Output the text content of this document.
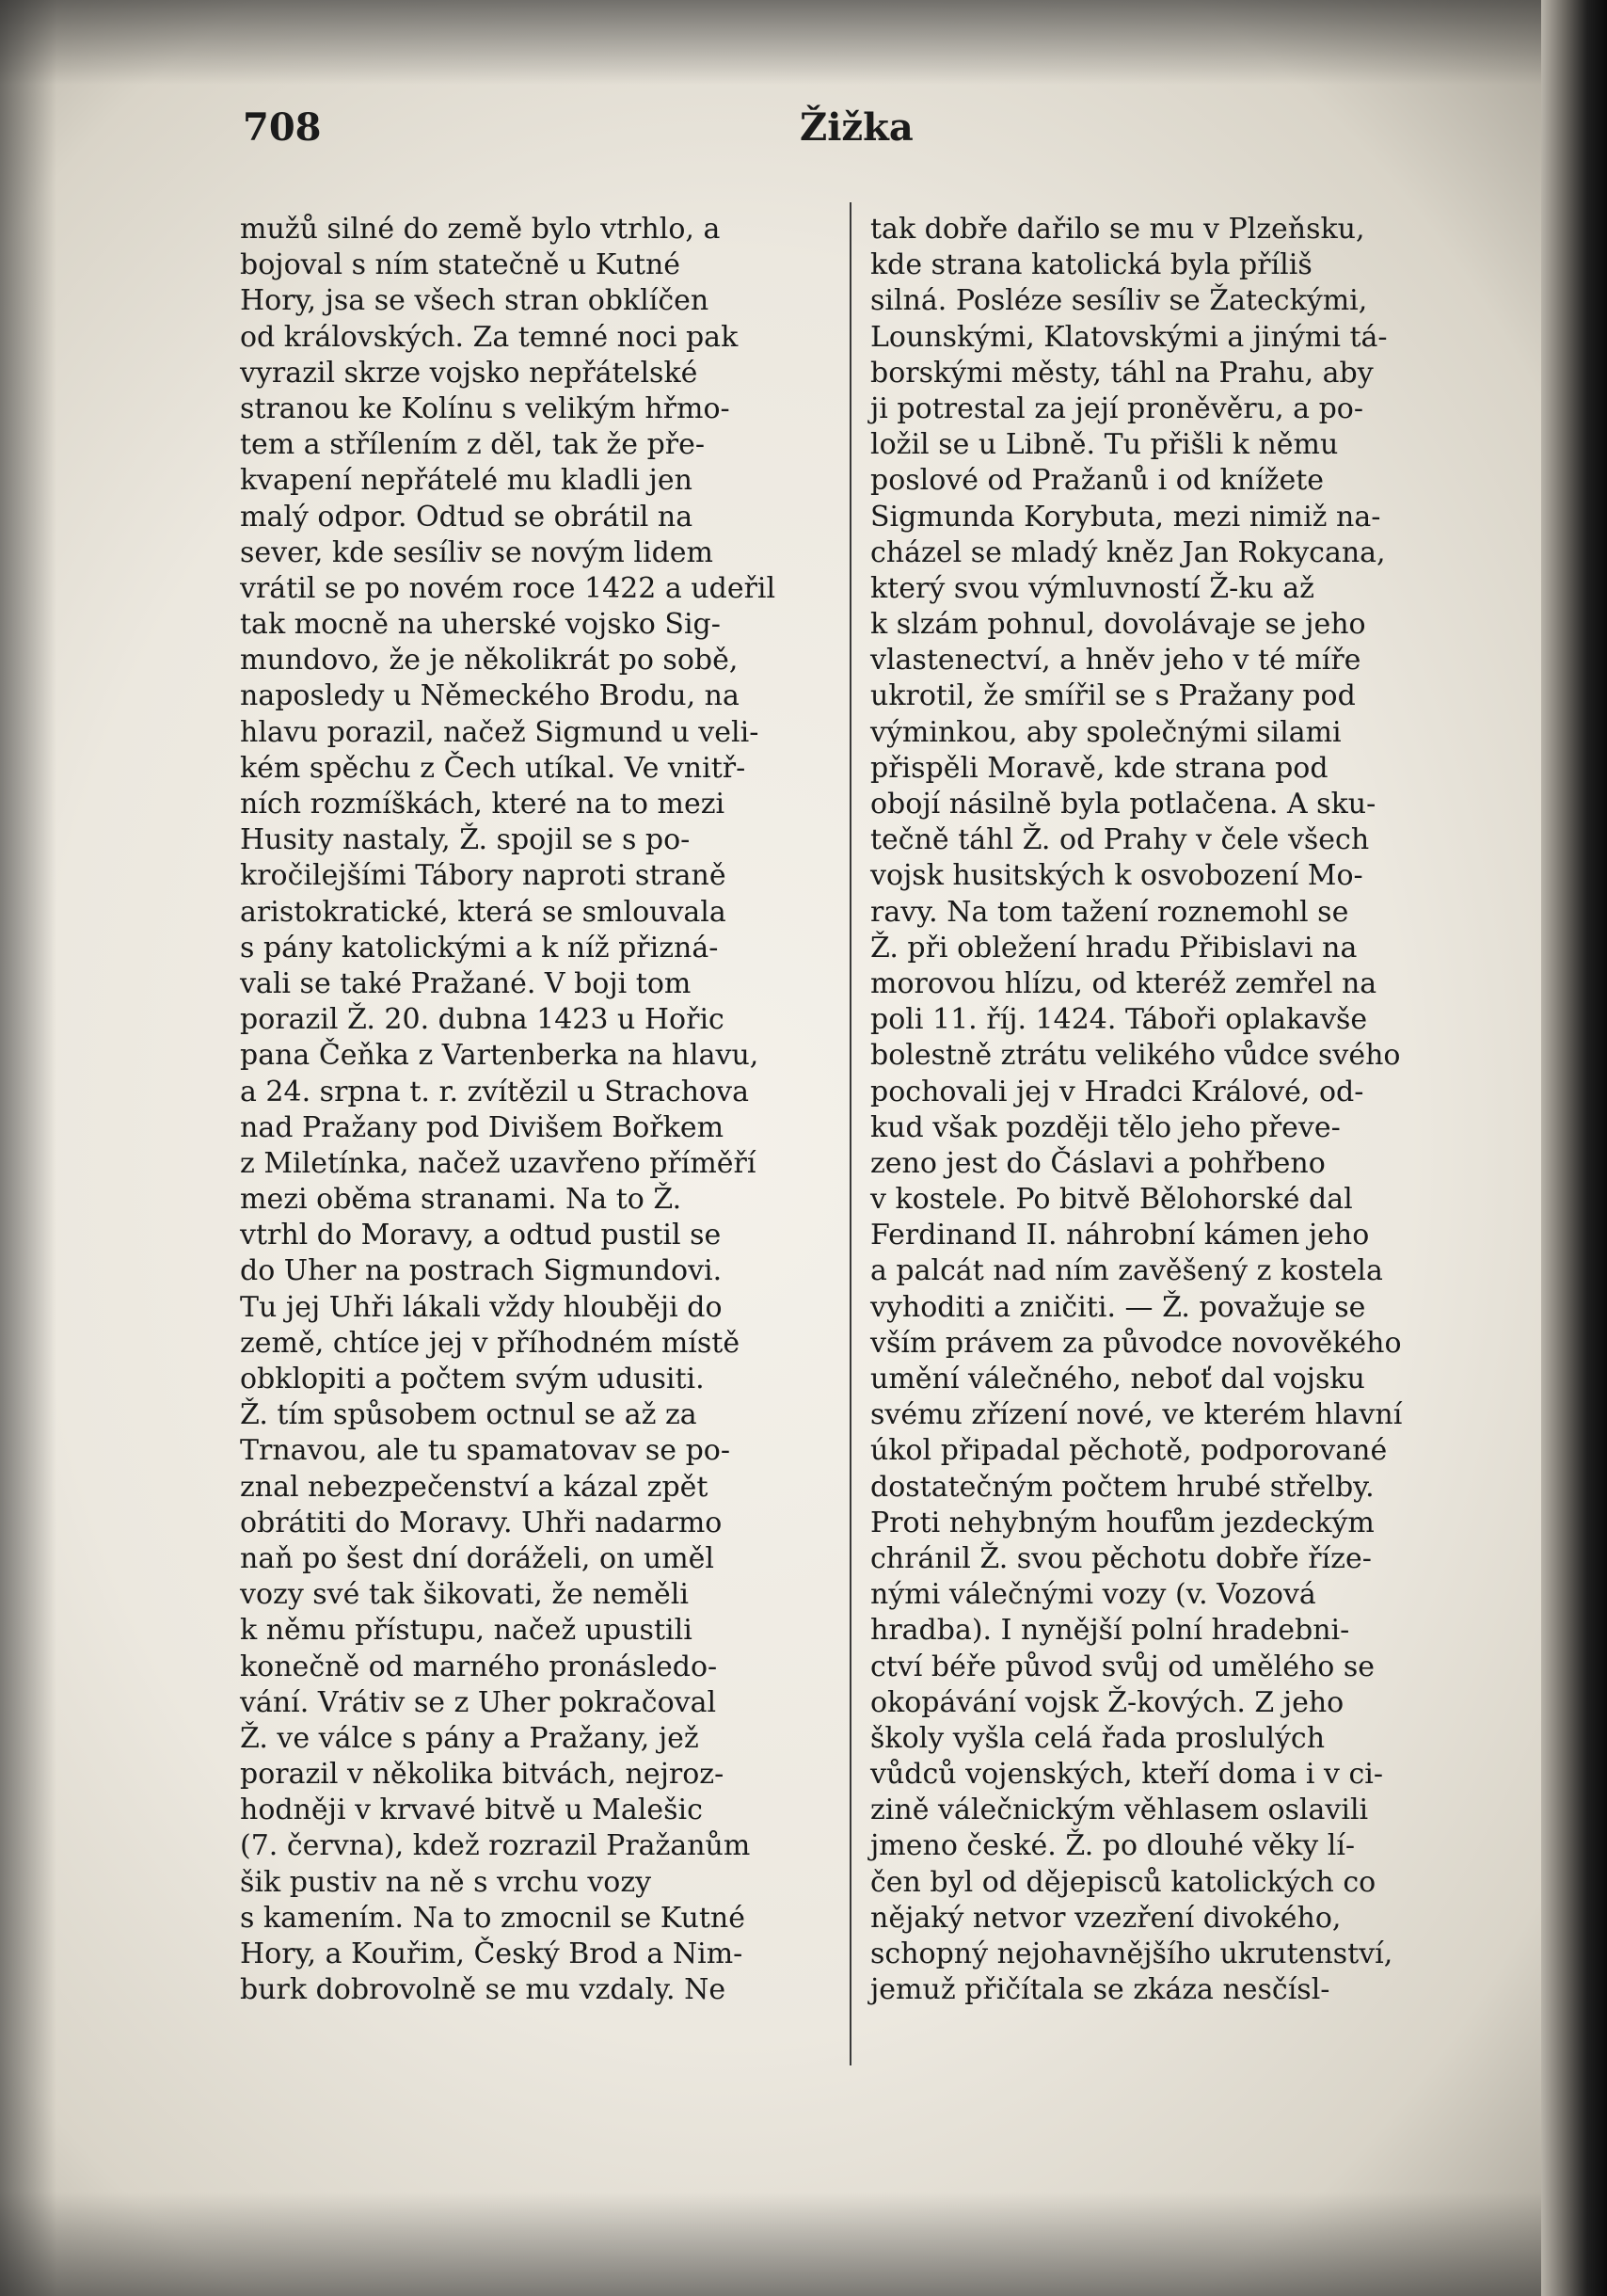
708	Žižka
mužů silné do země bylo vtrhlo, a
bojoval s ním statečně u Kutné
Hory, jsa se všech stran obklíčen
od královských. Za temné noci pak
vyrazil skrze vojsko nepřátelské
stranou ke Kolínu s velikým hřmo-
tem a střílením z děl, tak že pře-
kvapení nepřátelé mu kladli jen
malý odpor. Odtud se obrátil na
sever, kde sesíliv se novým lidem
vrátil se po novém roce 1422 a udeřil
tak mocně na uherské vojsko Sig-
mundovo, že je několikrát po sobě,
naposledy u Německého Brodu, na
hlavu porazil, načež Sigmund u veli-
kém spěchu z Čech utíkal. Ve vnitř-
ních rozmíškách, které na to mezi
Husity nastaly, Ž. spojil se s po-
kročilejšími Tábory naproti straně
aristokratické, která se smlouvala
s pány katolickými a k níž přizná-
vali se také Pražané. V boji tom
porazil Ž. 20. dubna 1423 u Hořic
pana Čeňka z Vartenberka na hlavu,
a 24. srpna t. r. zvítězil u Strachova
nad Pražany pod Divišem Bořkem
z Miletínka, načež uzavřeno příměří
mezi oběma stranami. Na to Ž.
vtrhl do Moravy, a odtud pustil se
do Uher na postrach Sigmundovi.
Tu jej Uhři lákali vždy hlouběji do
země, chtíce jej v příhodném místě
obklopiti a počtem svým udusiti.
Ž. tím spůsobem octnul se až za
Trnavou, ale tu spamatovav se po-
znal nebezpečenství a kázal zpět
obrátiti do Moravy. Uhři nadarmo
naň po šest dní doráželi, on uměl
vozy své tak šikovati, že neměli
k němu přístupu, načež upustili
konečně od marného pronásledo-
vání. Vrátiv se z Uher pokračoval
Ž. ve válce s pány a Pražany, jež
porazil v několika bitvách, nejroz-
hodněji v krvavé bitvě u Malešic
(7. června), kdež rozrazil Pražanům
šik pustiv na ně s vrchu vozy
s kamením. Na to zmocnil se Kutné
Hory, a Kouřim, Český Brod a Nim-
burk dobrovolně se mu vzdaly. Ne
tak dobře dařilo se mu v Plzeňsku,
kde strana katolická byla příliš
silná. Posléze sesíliv se Žateckými,
Lounskými, Klatovskými a jinými tá-
borskými městy, táhl na Prahu, aby
ji potrestal za její proněvěru, a po-
ložil se u Libně. Tu přišli k němu
poslové od Pražanů i od knížete
Sigmunda Korybuta, mezi nimiž na-
cházel se mladý kněz Jan Rokycana,
který svou výmluvností Ž-ku až
k slzám pohnul, dovolávaje se jeho
vlastenectví, a hněv jeho v té míře
ukrotil, že smířil se s Pražany pod
výminkou, aby společnými silami
přispěli Moravě, kde strana pod
obojí násilně byla potlačena. A sku-
tečně táhl Ž. od Prahy v čele všech
vojsk husitských k osvobození Mo-
ravy. Na tom tažení roznemohl se
Ž. při obležení hradu Přibislavi na
morovou hlízu, od kteréž zemřel na
poli 11. říj. 1424. Táboři oplakavše
bolestně ztrátu velikého vůdce svého
pochovali jej v Hradci Králové, od-
kud však později tělo jeho převe-
zeno jest do Čáslavi a pohřbeno
v kostele. Po bitvě Bělohorské dal
Ferdinand II. náhrobní kámen jeho
a palcát nad ním zavěšený z kostela
vyhoditi a zničiti. — Ž. považuje se
vším právem za původce novověkého
umění válečného, neboť dal vojsku
svému zřízení nové, ve kterém hlavní
úkol připadal pěchotě, podporované
dostatečným počtem hrubé střelby.
Proti nehybným houfům jezdeckým
chránil Ž. svou pěchotu dobře řízе-
nými válečnými vozy (v. Vozová
hradba). I nynější polní hradebni-
ctví béře původ svůj od umělého se
okopávání vojsk Ž-kových. Z jeho
školy vyšla celá řada proslulých
vůdců vojenských, kteří doma i v ci-
zině válečnickým věhlasem oslavili
jmeno české. Ž. po dlouhé věky lí-
čen byl od dějepisců katolických co
nějaký netvor vzezření divokého,
schopný nejohavnějšího ukrutenství,
jemuž přičítala se zkáza nesčísl-
